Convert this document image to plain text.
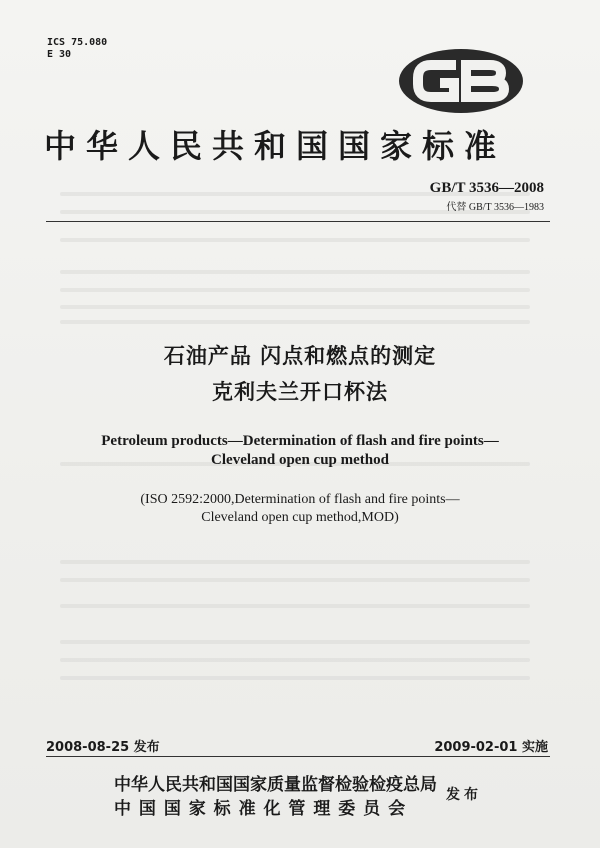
ICS 75.080
E 30
中华人民共和国国家标准
GB/T 3536—2008
代替 GB/T 3536—1983
石油产品 闪点和燃点的测定
克利夫兰开口杯法
Petroleum products—Determination of flash and fire points—
Cleveland open cup method
(ISO 2592:2000,Determination of flash and fire points—
Cleveland open cup method,MOD)
2008-08-25 发布	2009-02-01 实施
中华人民共和国国家质量监督检验检疫总局
中 国 国 家 标 准 化 管 理 委 员 会
发布
